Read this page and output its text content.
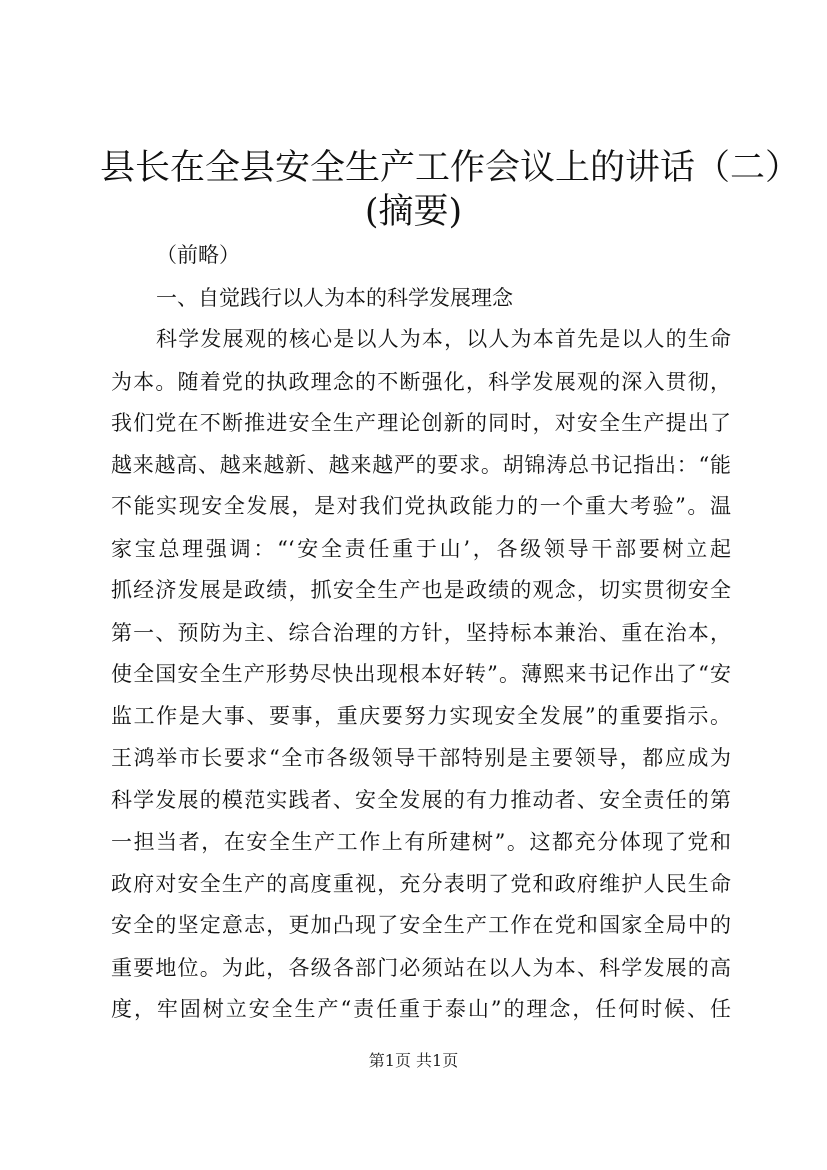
县长在全县安全生产工作会议上的讲话（二）
(摘要)

（前略）

一、自觉践行以人为本的科学发展理念

科学发展观的核心是以人为本，以人为本首先是以人的生命

为本。随着党的执政理念的不断强化，科学发展观的深入贯彻，

我们党在不断推进安全生产理论创新的同时，对安全生产提出了

越来越高、越来越新、越来越严的要求。胡锦涛总书记指出：“能

不能实现安全发展，是对我们党执政能力的一个重大考验”。温

家宝总理强调：“‘安全责任重于山’，各级领导干部要树立起

抓经济发展是政绩，抓安全生产也是政绩的观念，切实贯彻安全

第一、预防为主、综合治理的方针，坚持标本兼治、重在治本，

使全国安全生产形势尽快出现根本好转”。薄熙来书记作出了“安

监工作是大事、要事，重庆要努力实现安全发展”的重要指示。

王鸿举市长要求“全市各级领导干部特别是主要领导，都应成为

科学发展的模范实践者、安全发展的有力推动者、安全责任的第

一担当者，在安全生产工作上有所建树”。这都充分体现了党和

政府对安全生产的高度重视，充分表明了党和政府维护人民生命

安全的坚定意志，更加凸现了安全生产工作在党和国家全局中的

重要地位。为此，各级各部门必须站在以人为本、科学发展的高

度，牢固树立安全生产“责任重于泰山”的理念，任何时候、任

第1页 共1页
